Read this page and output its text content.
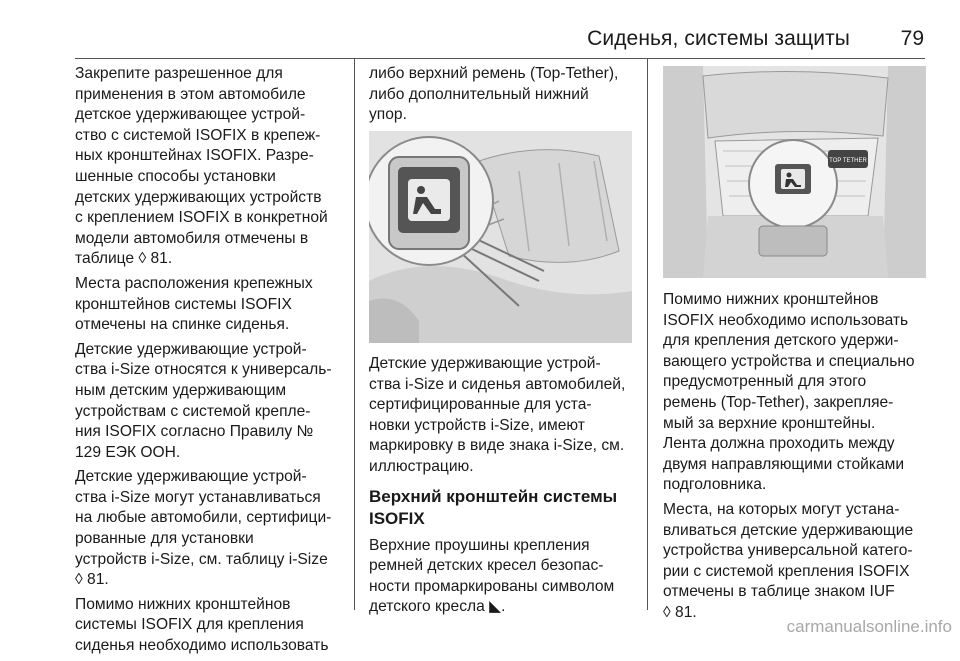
Сиденья, системы защиты 79

Закрепите разрешенное для
применения в этом автомобиле
детское удерживающее устрой-
ство с системой ISOFIX в крепеж-
ных кронштейнах ISOFIX. Разре-
шенные способы установки
детских удерживающих устройств
с креплением ISOFIX в конкретной
модели автомобиля отмечены в
таблице ◊ 81.

Места расположения крепежных
кронштейнов системы ISOFIX
отмечены на спинке сиденья.

Детские удерживающие устрой-
ства i-Size относятся к универсаль-
ным детским удерживающим
устройствам с системой крепле-
ния ISOFIX согласно Правилу №
129 ЕЭК ООН.

Детские удерживающие устрой-
ства i-Size могут устанавливаться
на любые автомобили, сертифици-
рованные для установки
устройств i-Size, см. таблицу i-Size
◊ 81.

Помимо нижних кронштейнов
системы ISOFIX для крепления
сиденья необходимо использовать

либо верхний ремень (Top-Tether),
либо дополнительный нижний
упор.

Детские удерживающие устрой-
ства i-Size и сиденья автомобилей,
сертифицированные для уста-
новки устройств i-Size, имеют
маркировку в виде знака i-Size, см.
иллюстрацию.

Верхний кронштейн системы
ISOFIX

Верхние проушины крепления
ремней детских кресел безопас-
ности промаркированы символом
детского кресла ◣.

Помимо нижних кронштейнов
ISOFIX необходимо использовать
для крепления детского удержи-
вающего устройства и специально
предусмотренный для этого
ремень (Top-Tether), закрепляе-
мый за верхние кронштейны.
Лента должна проходить между
двумя направляющими стойками
подголовника.

Места, на которых могут устана-
вливаться детские удерживающие
устройства универсальной катего-
рии с системой крепления ISOFIX
отмечены в таблице знаком IUF
◊ 81.

TOP TETHER
carmanualsonline.info
